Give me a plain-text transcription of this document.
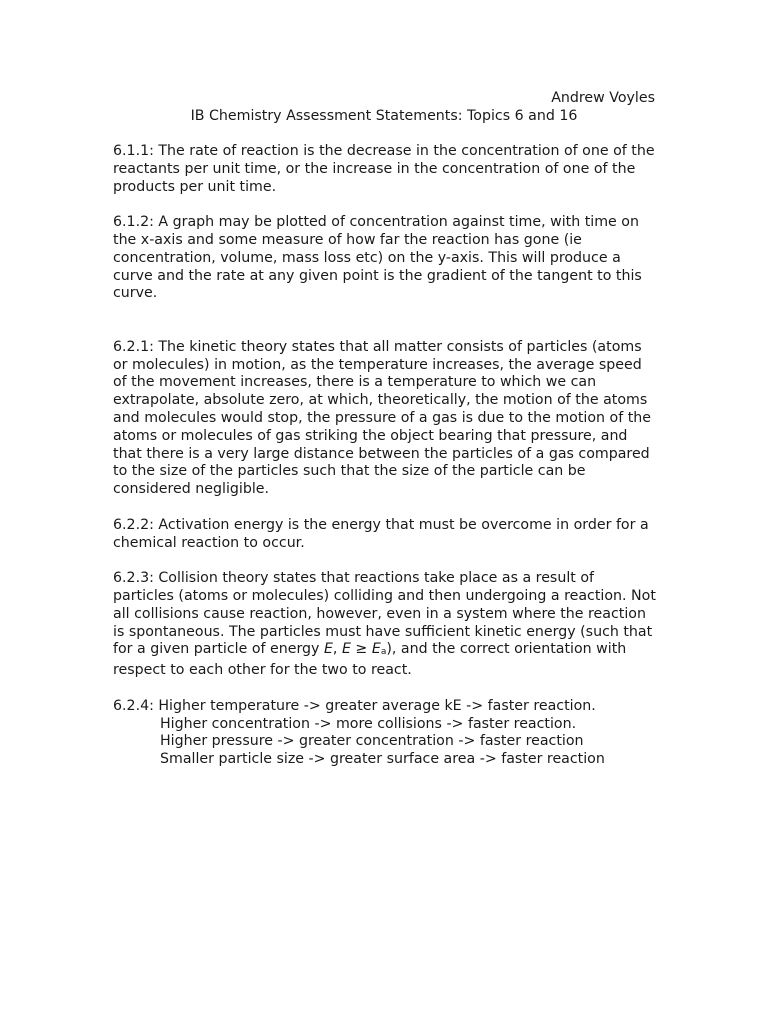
Andrew Voyles
IB Chemistry Assessment Statements: Topics 6 and 16

6.1.1: The rate of reaction is the decrease in the concentration of one of the reactants per unit time, or the increase in the concentration of one of the products per unit time.

6.1.2: A graph may be plotted of concentration against time, with time on the x-axis and some measure of how far the reaction has gone (ie concentration, volume, mass loss etc) on the y-axis. This will produce a curve and the rate at any given point is the gradient of the tangent to this curve.

6.2.1: The kinetic theory states that all matter consists of particles (atoms or molecules) in motion, as the temperature increases, the average speed of the movement increases, there is a temperature to which we can extrapolate, absolute zero, at which, theoretically, the motion of the atoms and molecules would stop, the pressure of a gas is due to the motion of the atoms or molecules of gas striking the object bearing that pressure, and that there is a very large distance between the particles of a gas compared to the size of the particles such that the size of the particle can be considered negligible.

6.2.2: Activation energy is the energy that must be overcome in order for a chemical reaction to occur.

6.2.3: Collision theory states that reactions take place as a result of particles (atoms or molecules) colliding and then undergoing a reaction. Not all collisions cause reaction, however, even in a system where the reaction is spontaneous. The particles must have sufficient kinetic energy (such that for a given particle of energy E, E ≥ Ea), and the correct orientation with respect to each other for the two to react.

6.2.4: Higher temperature -> greater average kE -> faster reaction.
Higher concentration -> more collisions -> faster reaction.
Higher pressure -> greater concentration -> faster reaction
Smaller particle size -> greater surface area -> faster reaction
